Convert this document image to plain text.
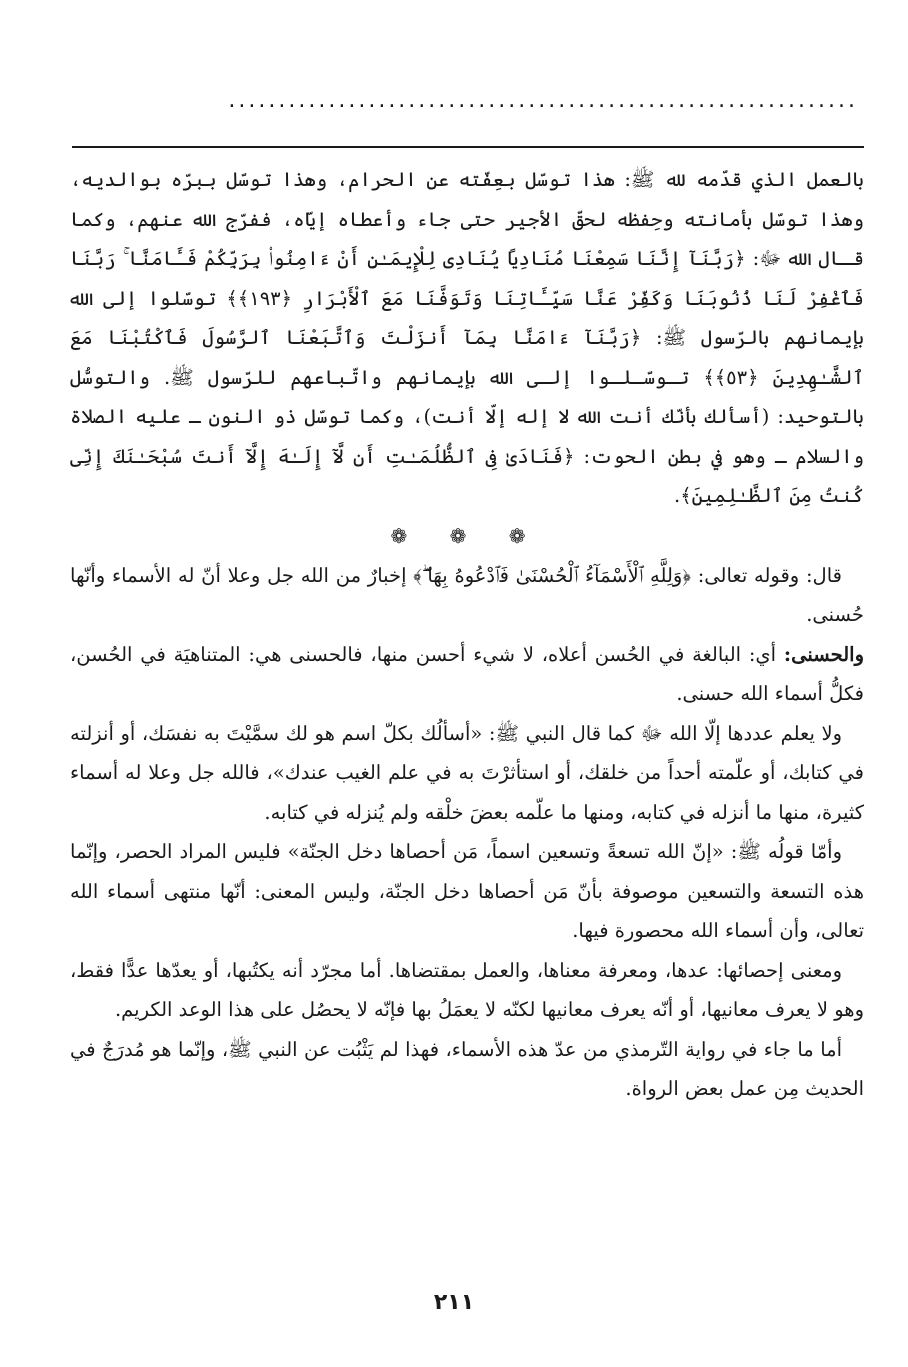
...............................................................

بالعمل الذي قدّمه لله ﷺ: هذا توسّل بعِفّته عن الحرام، وهذا توسّل ببرّه بوالديه، وهذا توسّل بأمانته وحِفظه لحقّ الأجير حتى جاء وأعطاه إيّاه، ففرّج الله عنهم، وكما قـال الله ﷻ: ﴿رَبَّنَآ إِنَّنَا سَمِعْنَا مُنَادِيًا يُنَادِى لِلْإِيمَـٰنِ أَنْ ءَامِنُوا۟ بِرَبِّكُمْ فَـَٔامَنَّا ۚ رَبَّنَا فَٱغْفِرْ لَنَا ذُنُوبَنَا وَكَفِّرْ عَنَّا سَيِّـَٔاتِنَا وَتَوَفَّنَا مَعَ ٱلْأَبْرَارِ ﴿١٩٣﴾﴾ توسّلوا إلى الله بإيمانهم بالرّسول ﷺ: ﴿رَبَّنَآ ءَامَنَّا بِمَآ أَنزَلْتَ وَٱتَّبَعْنَا ٱلرَّسُولَ فَٱكْتُبْنَا مَعَ ٱلشَّـٰهِدِينَ ﴿٥٣﴾﴾ تـوسّـلـوا إلـى الله بإيمانهم واتّباعهم للرّسول ﷺ. والتوسُّل بالتوحيد: (أسألك بأنّك أنت الله لا إله إلّا أنت)، وكما توسّل ذو النون ـ عليه الصلاة والسلام ـ وهو في بطن الحوت: ﴿فَنَادَىٰ فِى ٱلظُّلُمَـٰتِ أَن لَّآ إِلَـٰهَ إِلَّآ أَنتَ سُبْحَـٰنَكَ إِنِّى كُنتُ مِنَ ٱلظَّـٰلِمِينَ﴾.

❁ ❁ ❁

قال: وقوله تعالى: ﴿وَلِلَّهِ ٱلْأَسْمَآءُ ٱلْحُسْنَىٰ فَٱدْعُوهُ بِهَا ۖ﴾ إخبارٌ من الله جل وعلا أنّ له الأسماء وأنّها حُسنى.

والحسنى: أي: البالغة في الحُسن أعلاه، لا شيء أحسن منها، فالحسنى هي: المتناهيَة في الحُسن، فكلُّ أسماء الله حسنى.

ولا يعلم عددها إلّا الله ﷻ كما قال النبي ﷺ: «أسألُك بكلّ اسم هو لك سمَّيْتَ به نفسَك، أو أنزلته في كتابك، أو علّمته أحداً من خلقك، أو استأثرْتَ به في علم الغيب عندك»، فالله جل وعلا له أسماء كثيرة، منها ما أنزله في كتابه، ومنها ما علّمه بعضَ خلْقه ولم يُنزله في كتابه.

وأمّا قولُه ﷺ: «إنّ الله تسعةً وتسعين اسماً، مَن أحصاها دخل الجنّة» فليس المراد الحصر، وإنّما هذه التسعة والتسعين موصوفة بأنّ مَن أحصاها دخل الجنّة، وليس المعنى: أنّها منتهى أسماء الله تعالى، وأن أسماء الله محصورة فيها.

ومعنى إحصائها: عدها، ومعرفة معناها، والعمل بمقتضاها. أما مجرّد أنه يكتُبها، أو يعدّها عدًّا فقط، وهو لا يعرف معانيها، أو أنّه يعرف معانيها لكنّه لا يعمَلُ بها فإنّه لا يحصُل على هذا الوعد الكريم.

أما ما جاء في رواية التّرمذي من عدّ هذه الأسماء، فهذا لم يَثْبُت عن النبي ﷺ، وإنّما هو مُدرَجٌ في الحديث مِن عمل بعض الرواة.

٢١١
